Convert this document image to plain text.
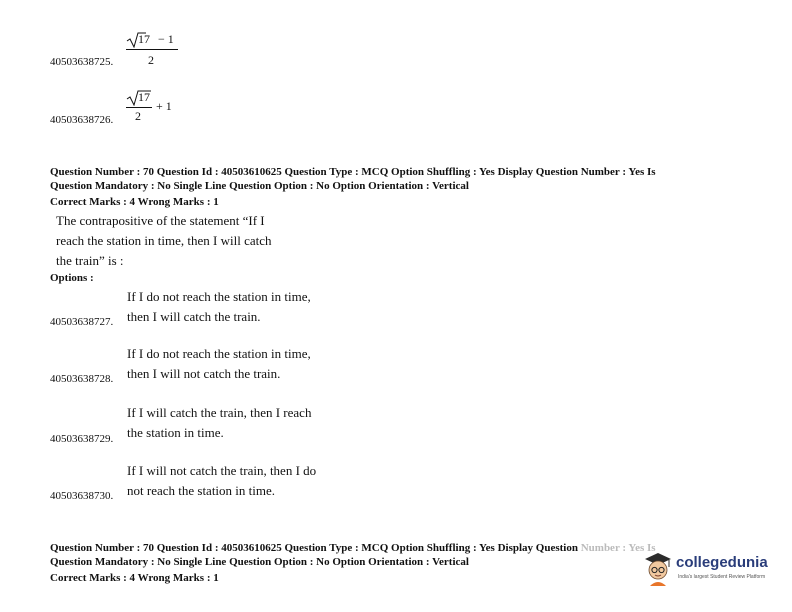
40503638725.
17 − 1
2
40503638726.
17
2
+ 1
Question Number : 70 Question Id : 40503610625 Question Type : MCQ Option Shuffling : Yes Display Question Number : Yes Is
Question Mandatory : No Single Line Question Option : No Option Orientation : Vertical
Correct Marks : 4 Wrong Marks : 1
The contrapositive of the statement “If I
reach the station in time, then I will catch
the train” is :
Options :
40503638727.
If I do not reach the station in time,
then I will catch the train.
40503638728.
If I do not reach the station in time,
then I will not catch the train.
40503638729.
If I will catch the train, then I reach
the station in time.
40503638730.
If I will not catch the train, then I do
not reach the station in time.
Question Number : 70 Question Id : 40503610625 Question Type : MCQ Option Shuffling : Yes Display Question Number : Yes Is
Question Mandatory : No Single Line Question Option : No Option Orientation : Vertical
Correct Marks : 4 Wrong Marks : 1
collegedunia
India's largest Student Review Platform
